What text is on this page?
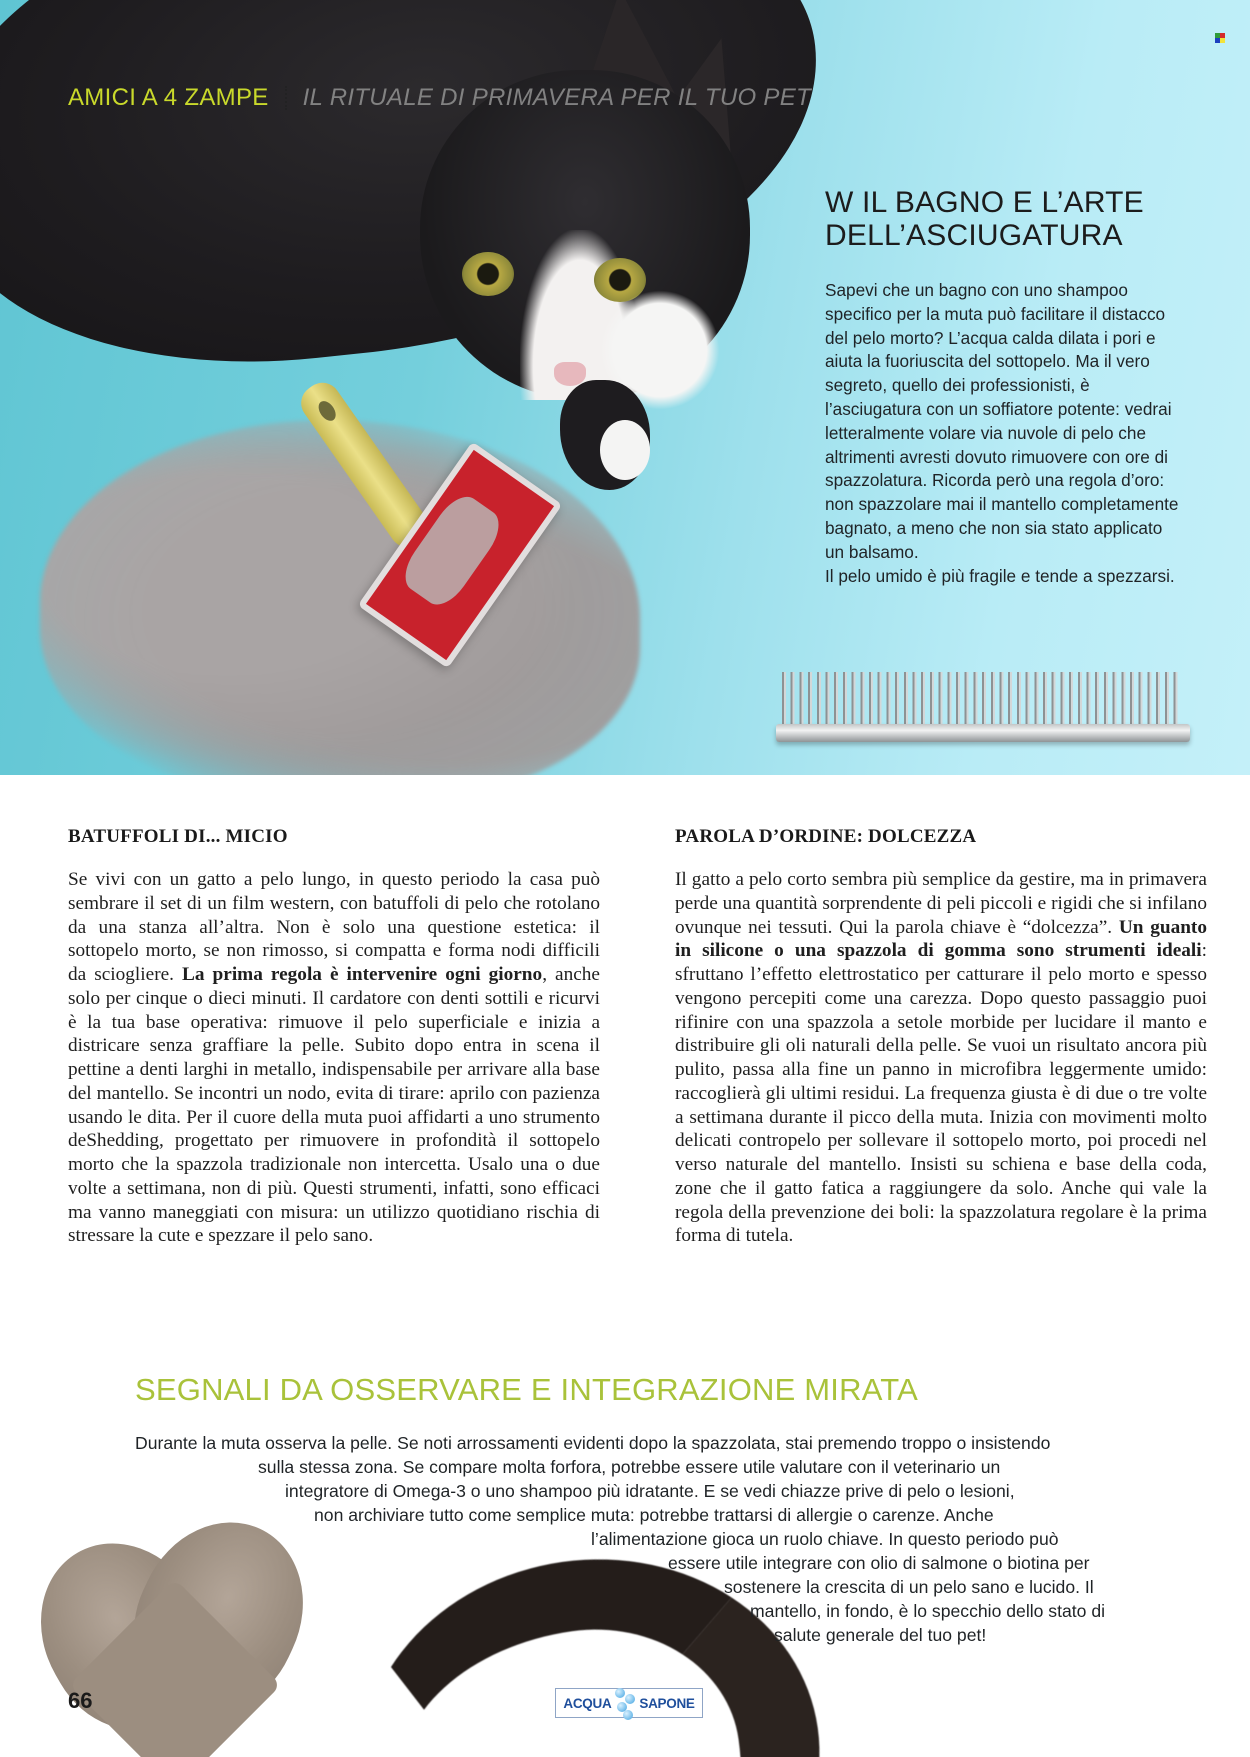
AMICI A 4 ZAMPE IL RITUALE DI PRIMAVERA PER IL TUO PET
W IL BAGNO E L’ARTE
DELL’ASCIUGATURA
Sapevi che un bagno con uno shampoo specifico per la muta può facilitare il distacco del pelo morto? L’acqua calda dilata i pori e aiuta la fuoriuscita del sottopelo. Ma il vero segreto, quello dei professionisti, è l’asciugatura con un soffiatore potente: vedrai letteralmente volare via nuvole di pelo che altrimenti avresti dovuto rimuovere con ore di spazzolatura. Ricorda però una regola d’oro: non spazzolare mai il mantello completamente bagnato, a meno che non sia stato applicato un balsamo.
Il pelo umido è più fragile e tende a spezzarsi.
BATUFFOLI DI... MICIO

Se vivi con un gatto a pelo lungo, in questo periodo la casa può sembrare il set di un film western, con batuffoli di pelo che rotolano da una stanza all’altra. Non è solo una questione estetica: il sottopelo morto, se non rimosso, si compatta e forma nodi difficili da sciogliere. La prima regola è intervenire ogni giorno, anche solo per cinque o dieci minuti. Il cardatore con denti sottili e ricurvi è la tua base operativa: rimuove il pelo superficiale e inizia a districare senza graffiare la pelle. Subito dopo entra in scena il pettine a denti larghi in metallo, indispensabile per arrivare alla base del mantello. Se incontri un nodo, evita di tirare: aprilo con pazienza usando le dita. Per il cuore della muta puoi affidarti a uno strumento deShedding, progettato per rimuovere in profondità il sottopelo morto che la spazzola tradizionale non intercetta. Usalo una o due volte a settimana, non di più. Questi strumenti, infatti, sono efficaci ma vanno maneggiati con misura: un utilizzo quotidiano rischia di stressare la cute e spezzare il pelo sano.

PAROLA D’ORDINE: DOLCEZZA

Il gatto a pelo corto sembra più semplice da gestire, ma in primavera perde una quantità sorprendente di peli piccoli e rigidi che si infilano ovunque nei tessuti. Qui la parola chiave è “dolcezza”. Un guanto in silicone o una spazzola di gomma sono strumenti ideali: sfruttano l’effetto elettrostatico per catturare il pelo morto e spesso vengono percepiti come una carezza. Dopo questo passaggio puoi rifinire con una spazzola a setole morbide per lucidare il manto e distribuire gli oli naturali della pelle. Se vuoi un risultato ancora più pulito, passa alla fine un panno in microfibra leggermente umido: raccoglierà gli ultimi residui. La frequenza giusta è di due o tre volte a settimana durante il picco della muta. Inizia con movimenti molto delicati contropelo per sollevare il sottopelo morto, poi procedi nel verso naturale del mantello. Insisti su schiena e base della coda, zone che il gatto fatica a raggiungere da solo. Anche qui vale la regola della prevenzione dei boli: la spazzolatura regolare è la prima forma di tutela.

SEGNALI DA OSSERVARE E INTEGRAZIONE MIRATA
Durante la muta osserva la pelle. Se noti arrossamenti evidenti dopo la spazzolata, stai premendo troppo o insistendo
sulla stessa zona. Se compare molta forfora, potrebbe essere utile valutare con il veterinario un
integratore di Omega-3 o uno shampoo più idratante. E se vedi chiazze prive di pelo o lesioni,
non archiviare tutto come semplice muta: potrebbe trattarsi di allergie o carenze. Anche
l’alimentazione gioca un ruolo chiave. In questo periodo può
essere utile integrare con olio di salmone o biotina per
sostenere la crescita di un pelo sano e lucido. Il
mantello, in fondo, è lo specchio dello stato di
salute generale del tuo pet!
66	ACQUA SAPONE
